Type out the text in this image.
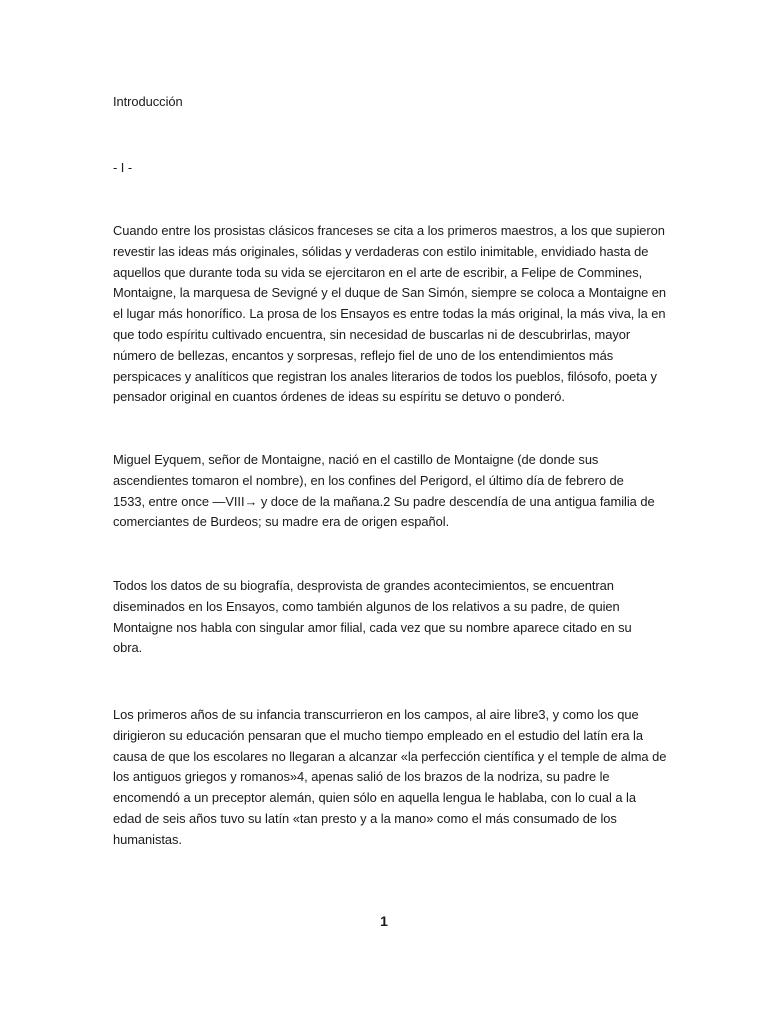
Introducción

- I -

Cuando entre los prosistas clásicos franceses se cita a los primeros maestros, a los que supieron

revestir las ideas más originales, sólidas y verdaderas con estilo inimitable, envidiado hasta de

aquellos que durante toda su vida se ejercitaron en el arte de escribir, a Felipe de Commines,

Montaigne, la marquesa de Sevigné y el duque de San Simón, siempre se coloca a Montaigne en

el lugar más honorífico. La prosa de los Ensayos es entre todas la más original, la más viva, la en

que todo espíritu cultivado encuentra, sin necesidad de buscarlas ni de descubrirlas, mayor

número de bellezas, encantos y sorpresas, reflejo fiel de uno de los entendimientos más

perspicaces y analíticos que registran los anales literarios de todos los pueblos, filósofo, poeta y

pensador original en cuantos órdenes de ideas su espíritu se detuvo o ponderó.

Miguel Eyquem, señor de Montaigne, nació en el castillo de Montaigne (de donde sus

ascendientes tomaron el nombre), en los confines del Perigord, el último día de febrero de

1533, entre once —VIII→ y doce de la mañana.2 Su padre descendía de una antigua familia de

comerciantes de Burdeos; su madre era de origen español.

Todos los datos de su biografía, desprovista de grandes acontecimientos, se encuentran

diseminados en los Ensayos, como también algunos de los relativos a su padre, de quien

Montaigne nos habla con singular amor filial, cada vez que su nombre aparece citado en su

obra.

Los primeros años de su infancia transcurrieron en los campos, al aire libre3, y como los que

dirigieron su educación pensaran que el mucho tiempo empleado en el estudio del latín era la

causa de que los escolares no llegaran a alcanzar «la perfección científica y el temple de alma de

los antiguos griegos y romanos»4, apenas salió de los brazos de la nodriza, su padre le

encomendó a un preceptor alemán, quien sólo en aquella lengua le hablaba, con lo cual a la

edad de seis años tuvo su latín «tan presto y a la mano» como el más consumado de los

humanistas.

1
